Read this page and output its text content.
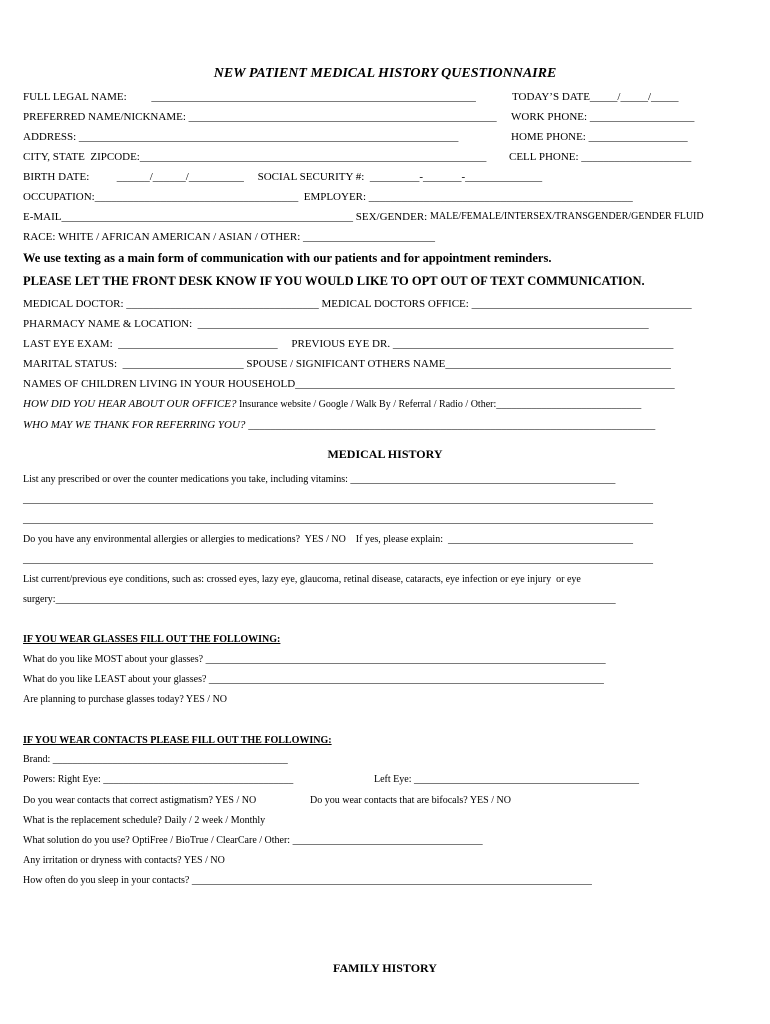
NEW PATIENT MEDICAL HISTORY QUESTIONNAIRE
FULL LEGAL NAME:         ___________________________________________________________	TODAY’S DATE_____/_____/_____
PREFERRED NAME/NICKNAME: ________________________________________________________ WORK PHONE: ___________________
ADDRESS: _____________________________________________________________________	HOME PHONE: __________________
CITY, STATE  ZIPCODE:_______________________________________________________________ CELL PHONE: ____________________
BIRTH DATE:          ______/______/__________     SOCIAL SECURITY #:  _________-_______-______________
OCCUPATION:_____________________________________  EMPLOYER: ________________________________________________
E-MAIL_____________________________________________________ SEX/GENDER: MALE/FEMALE/INTERSEX/TRANSGENDER/GENDER FLUID
RACE: WHITE / AFRICAN AMERICAN / ASIAN / OTHER: ________________________
We use texting as a main form of communication with our patients and for appointment reminders.
PLEASE LET THE FRONT DESK KNOW IF YOU WOULD LIKE TO OPT OUT OF TEXT COMMUNICATION.
MEDICAL DOCTOR: ___________________________________ MEDICAL DOCTORS OFFICE: ________________________________________
PHARMACY NAME & LOCATION:  __________________________________________________________________________________
LAST EYE EXAM:  _____________________________     PREVIOUS EYE DR. ___________________________________________________
MARITAL STATUS:  ______________________ SPOUSE / SIGNIFICANT OTHERS NAME_________________________________________
NAMES OF CHILDREN LIVING IN YOUR HOUSEHOLD_____________________________________________________________________
HOW DID YOU HEAR ABOUT OUR OFFICE? Insurance website / Google / Walk By / Referral / Radio / Other:_____________________________
WHO MAY WE THANK FOR REFERRING YOU? __________________________________________________________________________
MEDICAL HISTORY
List any prescribed or over the counter medications you take, including vitamins: _____________________________________________________
______________________________________________________________________________________________________________________________
______________________________________________________________________________________________________________________________
Do you have any environmental allergies or allergies to medications?  YES / NO    If yes, please explain:  _____________________________________
______________________________________________________________________________________________________________________________
List current/previous eye conditions, such as: crossed eyes, lazy eye, glaucoma, retinal disease, cataracts, eye infection or eye injury  or eye
surgery:________________________________________________________________________________________________________________
IF YOU WEAR GLASSES FILL OUT THE FOLLOWING:
What do you like MOST about your glasses? ________________________________________________________________________________
What do you like LEAST about your glasses? _______________________________________________________________________________
Are planning to purchase glasses today? YES / NO
IF YOU WEAR CONTACTS PLEASE FILL OUT THE FOLLOWING:
Brand: _______________________________________________
Powers: Right Eye: ______________________________________	Left Eye: _____________________________________________
Do you wear contacts that correct astigmatism? YES / NO	Do you wear contacts that are bifocals? YES / NO
What is the replacement schedule? Daily / 2 week / Monthly
What solution do you use? OptiFree / BioTrue / ClearCare / Other: ______________________________________
Any irritation or dryness with contacts? YES / NO
How often do you sleep in your contacts? ________________________________________________________________________________
FAMILY HISTORY
